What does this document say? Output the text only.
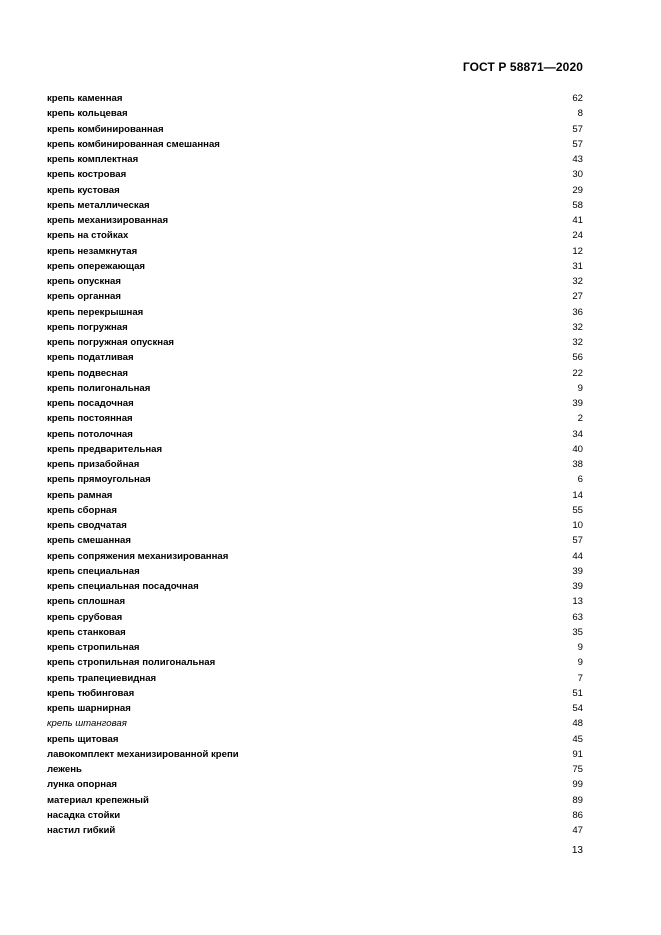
ГОСТ Р 58871—2020
крепь каменная	62
крепь кольцевая	8
крепь комбинированная	57
крепь комбинированная смешанная	57
крепь комплектная	43
крепь костровая	30
крепь кустовая	29
крепь металлическая	58
крепь механизированная	41
крепь на стойках	24
крепь незамкнутая	12
крепь опережающая	31
крепь опускная	32
крепь органная	27
крепь перекрышная	36
крепь погружная	32
крепь погружная опускная	32
крепь податливая	56
крепь подвесная	22
крепь полигональная	9
крепь посадочная	39
крепь постоянная	2
крепь потолочная	34
крепь предварительная	40
крепь призабойная	38
крепь прямоугольная	6
крепь рамная	14
крепь сборная	55
крепь сводчатая	10
крепь смешанная	57
крепь сопряжения механизированная	44
крепь специальная	39
крепь специальная посадочная	39
крепь сплошная	13
крепь срубовая	63
крепь станковая	35
крепь стропильная	9
крепь стропильная полигональная	9
крепь трапециевидная	7
крепь тюбинговая	51
крепь шарнирная	54
крепь штанговая	48
крепь щитовая	45
лавокомплект механизированной крепи	91
лежень	75
лунка опорная	99
материал крепежный	89
насадка стойки	86
настил гибкий	47
13
